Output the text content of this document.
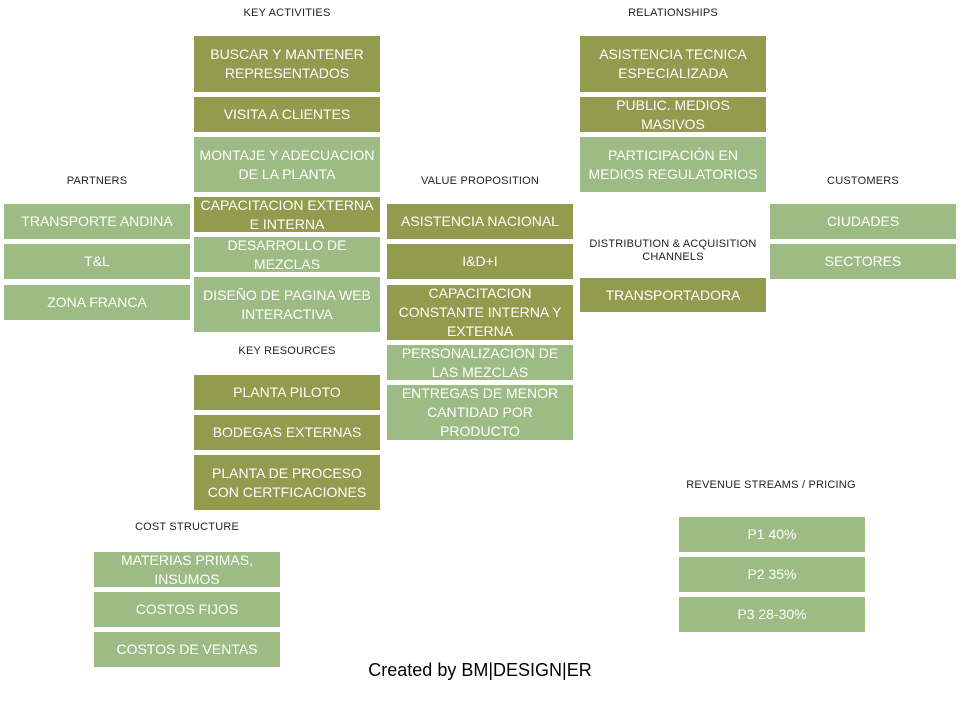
KEY ACTIVITIES	RELATIONSHIPS
PARTNERS	VALUE PROPOSITION	CUSTOMERS
DISTRIBUTION & ACQUISITION CHANNELS
KEY RESOURCES
REVENUE STREAMS / PRICING
COST STRUCTURE
BUSCAR Y MANTENER REPRESENTADOS
VISITA A CLIENTES
MONTAJE Y ADECUACION DE LA PLANTA
CAPACITACION EXTERNA E INTERNA
DESARROLLO DE MEZCLAS
DISEÑO DE PAGINA WEB INTERACTIVA
ASISTENCIA TECNICA ESPECIALIZADA
PUBLIC. MEDIOS MASIVOS
PARTICIPACIÓN EN MEDIOS REGULATORIOS
TRANSPORTE ANDINA
T&L
ZONA FRANCA
ASISTENCIA NACIONAL
I&D+I
CAPACITACION CONSTANTE INTERNA Y EXTERNA
PERSONALIZACION DE LAS MEZCLAS
ENTREGAS DE MENOR CANTIDAD POR PRODUCTO
CIUDADES
SECTORES
TRANSPORTADORA
PLANTA PILOTO
BODEGAS EXTERNAS
PLANTA DE PROCESO CON CERTFICACIONES
P1 40%
P2 35%
P3 28-30%
MATERIAS PRIMAS, INSUMOS
COSTOS FIJOS
COSTOS DE VENTAS
Created by BM|DESIGN|ER
